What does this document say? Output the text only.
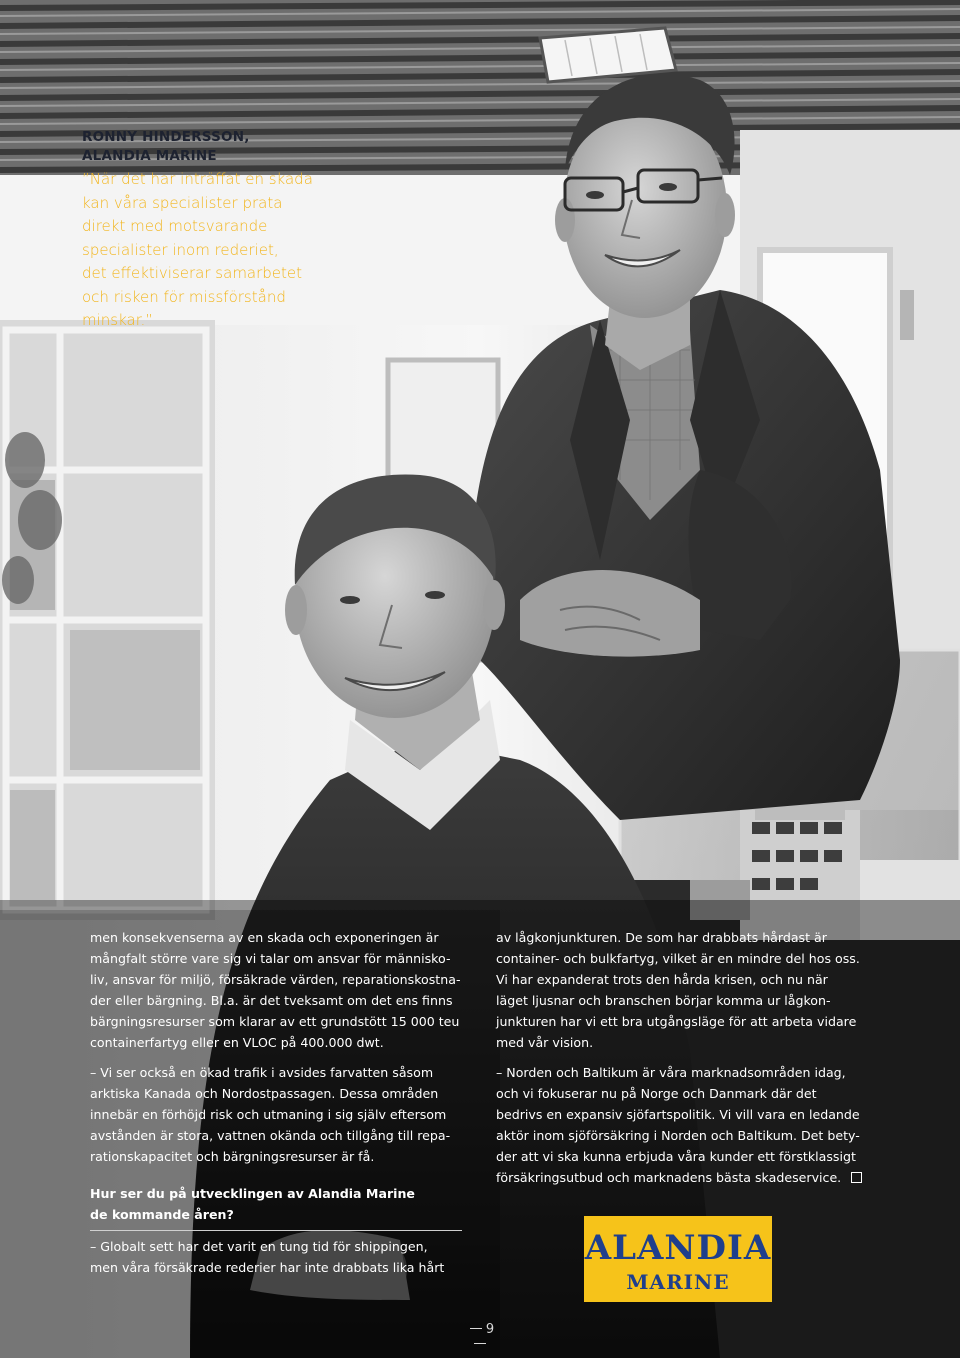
RONNY HINDERSSON,
ALANDIA MARINE
”När det har inträffat en skada
kan våra specialister prata
direkt med motsvarande
specialister inom rederiet,
det effektiviserar samarbetet
och risken för missförstånd
minskar.”

men konsekvenserna av en skada och exponeringen är

mångfalt större vare sig vi talar om ansvar för människo-

liv, ansvar för miljö, försäkrade värden, reparationskostna-

der eller bärgning. Bl.a. är det tveksamt om det ens finns

bärgningsresurser som klarar av ett grundstött 15 000 teu

containerfartyg eller en VLOC på 400.000 dwt.

– Vi ser också en ökad trafik i avsides farvatten såsom

arktiska Kanada och Nordostpassagen. Dessa områden

innebär en förhöjd risk och utmaning i sig själv eftersom

avstånden är stora, vattnen okända och tillgång till repa-

rationskapacitet och bärgningsresurser är få.

Hur ser du på utvecklingen av Alandia Marine

de kommande åren?

– Globalt sett har det varit en tung tid för shippingen,

men våra försäkrade rederier har inte drabbats lika hårt

av lågkonjunkturen. De som har drabbats hårdast är

container- och bulkfartyg, vilket är en mindre del hos oss.

Vi har expanderat trots den hårda krisen, och nu när

läget ljusnar och branschen börjar komma ur lågkon-

junkturen har vi ett bra utgångsläge för att arbeta vidare

med vår vision.

– Norden och Baltikum är våra marknadsområden idag,

och vi fokuserar nu på Norge och Danmark där det

bedrivs en expansiv sjöfartspolitik. Vi vill vara en ledande

aktör inom sjöförsäkring i Norden och Baltikum. Det bety-

der att vi ska kunna erbjuda våra kunder ett förstklassigt

försäkringsutbud och marknadens bästa skadeservice.

ALANDIA
MARINE
9
